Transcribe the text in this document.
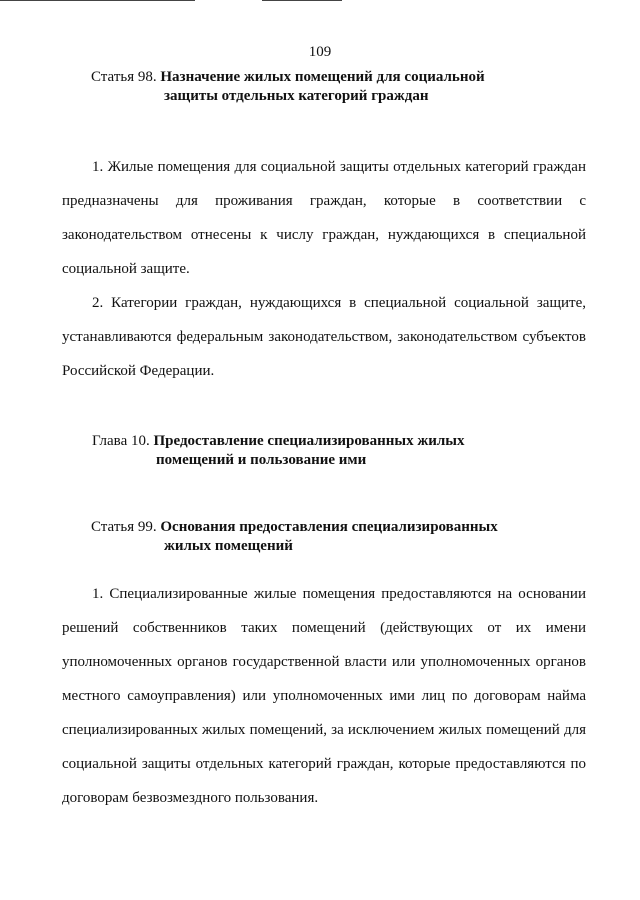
109
Статья 98. Назначение жилых помещений для социальной
защиты отдельных категорий граждан

1. Жилые помещения для социальной защиты отдельных категорий граждан предназначены для проживания граждан, которые в соответствии с законодательством отнесены к числу граждан, нуждающихся в специальной социальной защите.

2. Категории граждан, нуждающихся в специальной социальной защите, устанавливаются федеральным законодательством, законодательством субъектов Российской Федерации.

Глава 10. Предоставление специализированных жилых
помещений и пользование ими
Статья 99. Основания предоставления специализированных
жилых помещений

1. Специализированные жилые помещения предоставляются на основании решений собственников таких помещений (действующих от их имени уполномоченных органов государственной власти или уполномоченных органов местного самоуправления) или уполномоченных ими лиц по договорам найма специализированных жилых помещений, за исключением жилых помещений для социальной защиты отдельных категорий граждан, которые предоставляются по договорам безвозмездного пользования.
